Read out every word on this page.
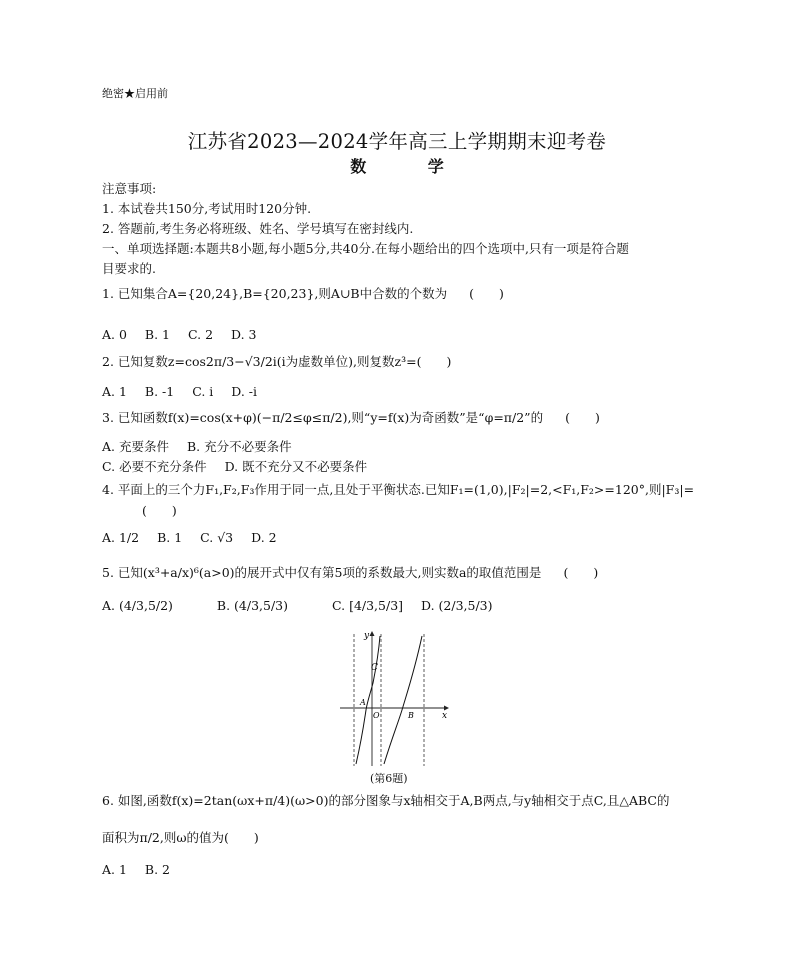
绝密★启用前
江苏省2023—2024学年高三上学期期末迎考卷
数 学
注意事项:
1. 本试卷共150分,考试用时120分钟.
2. 答题前,考生务必将班级、姓名、学号填写在密封线内.
一、单项选择题:本题共8小题,每小题5分,共40分.在每小题给出的四个选项中,只有一项是符合题
目要求的.
1. 已知集合A={20,24},B={20,23},则A∪B中合数的个数为 (　　)
A. 0 B. 1 C. 2 D. 3
2. 已知复数z=cos2π/3−√3/2i(i为虚数单位),则复数z³=(　　)
A. 1 B. -1 C. i D. -i
3. 已知函数f(x)=cos(x+φ)(−π/2≤φ≤π/2),则“y=f(x)为奇函数”是“φ=π/2”的 (　　)
A. 充要条件 B. 充分不必要条件
C. 必要不充分条件 D. 既不充分又不必要条件
4. 平面上的三个力F₁,F₂,F₃作用于同一点,且处于平衡状态.已知F₁=(1,0),|F₂|=2,<F₁,F₂>=120°,则|F₃|=
(　　)
A. 1/2 B. 1 C. √3 D. 2
5. 已知(x³+a/x)⁶(a>0)的展开式中仅有第5项的系数最大,则实数a的取值范围是 (　　)
A. (4/3,5/2)	B. (4/3,5/3)	C. [4/3,5/3] D. (2/3,5/3)
y
x
C
A
O	B
(第6题)
6. 如图,函数f(x)=2tan(ωx+π/4)(ω>0)的部分图象与x轴相交于A,B两点,与y轴相交于点C,且△ABC的
面积为π/2,则ω的值为(　　)
A. 1 B. 2
